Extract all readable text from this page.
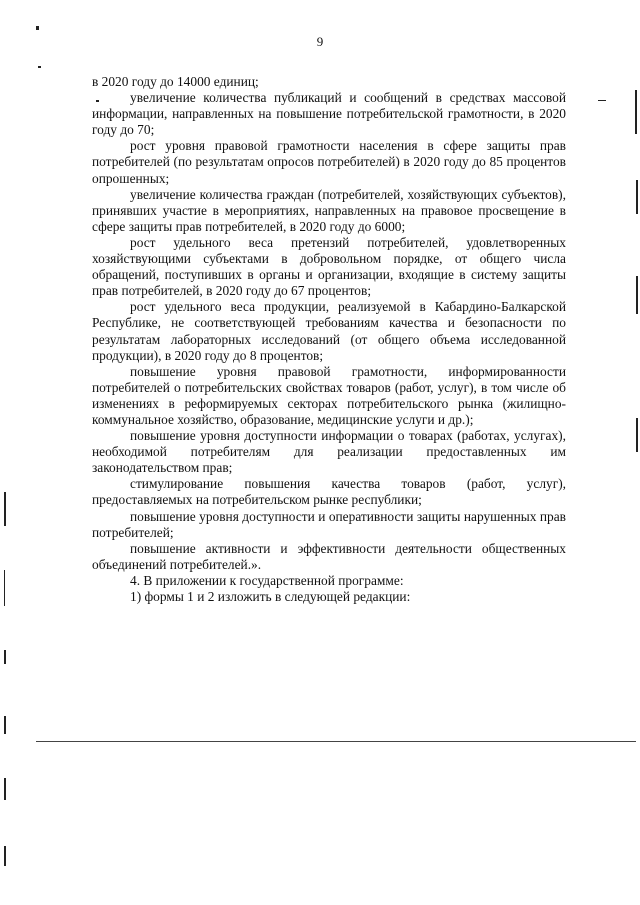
9

в 2020 году до 14000 единиц;

увеличение количества публикаций и сообщений в средствах массовой информации, направленных на повышение потребительской грамотности, в 2020 году до 70;

рост уровня правовой грамотности населения в сфере защиты прав потребителей (по результатам опросов потребителей) в 2020 году до 85 процентов опрошенных;

увеличение количества граждан (потребителей, хозяйствующих субъектов), принявших участие в мероприятиях, направленных на правовое просвещение в сфере защиты прав потребителей, в 2020 году до 6000;

рост удельного веса претензий потребителей, удовлетворенных хозяйствующими субъектами в добровольном порядке, от общего числа обращений, поступивших в органы и организации, входящие в систему защиты прав потребителей, в 2020 году до 67 процентов;

рост удельного веса продукции, реализуемой в Кабардино-Балкарской Республике, не соответствующей требованиям качества и безопасности по результатам лабораторных исследований (от общего объема исследованной продукции), в 2020 году до 8 процентов;

повышение уровня правовой грамотности, информированности потребителей о потребительских свойствах товаров (работ, услуг), в том числе об изменениях в реформируемых секторах потребительского рынка (жилищно-коммунальное хозяйство, образование, медицинские услуги и др.);

повышение уровня доступности информации о товарах (работах, услугах), необходимой потребителям для реализации предоставленных им законодательством прав;

стимулирование повышения качества товаров (работ, услуг), предоставляемых на потребительском рынке республики;

повышение уровня доступности и оперативности защиты нарушенных прав потребителей;

повышение активности и эффективности деятельности общественных объединений потребителей.».

4. В приложении к государственной программе:

1) формы 1 и 2 изложить в следующей редакции:
